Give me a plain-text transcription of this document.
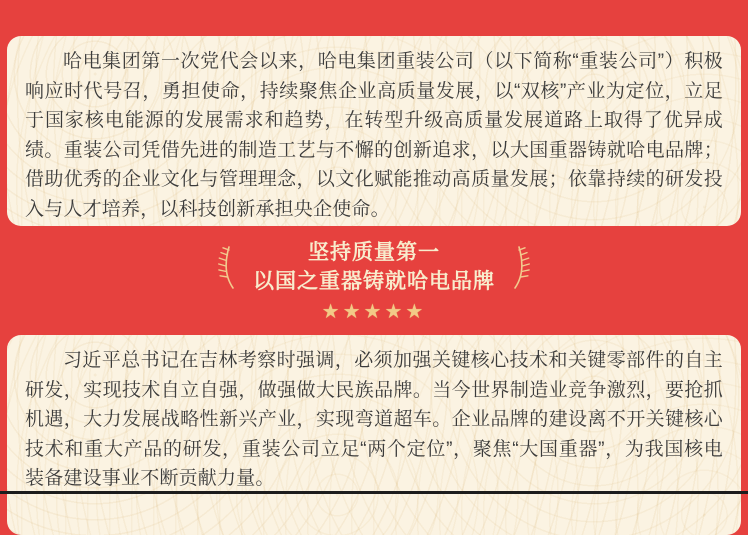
哈电集团第一次党代会以来，哈电集团重装公司（以下简称“重装公司”）积极响应时代号召，勇担使命，持续聚焦企业高质量发展，以“双核”产业为定位，立足于国家核电能源的发展需求和趋势，在转型升级高质量发展道路上取得了优异成绩。重装公司凭借先进的制造工艺与不懈的创新追求，以大国重器铸就哈电品牌；借助优秀的企业文化与管理理念，以文化赋能推动高质量发展；依靠持续的研发投入与人才培养，以科技创新承担央企使命。

坚持质量第一
以国之重器铸就哈电品牌
★★★★★

习近平总书记在吉林考察时强调，必须加强关键核心技术和关键零部件的自主研发，实现技术自立自强，做强做大民族品牌。当今世界制造业竞争激烈，要抢抓机遇，大力发展战略性新兴产业，实现弯道超车。企业品牌的建设离不开关键核心技术和重大产品的研发，重装公司立足“两个定位”，聚焦“大国重器”，为我国核电装备建设事业不断贡献力量。
